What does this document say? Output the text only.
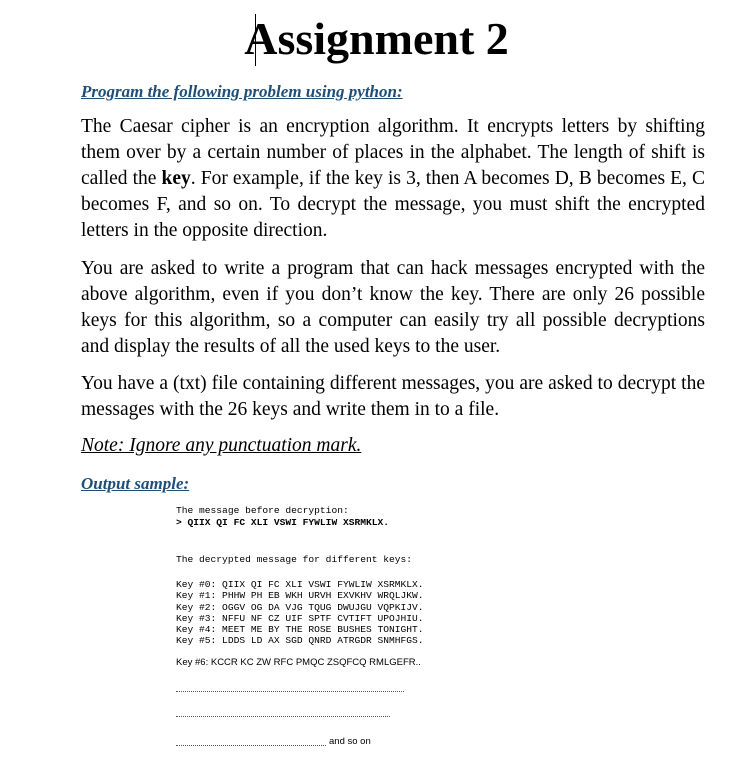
Assignment 2
Program the following problem using python:

The Caesar cipher is an encryption algorithm. It encrypts letters by shifting them over by a certain number of places in the alphabet. The length of shift is called the key. For example, if the key is 3, then A becomes D, B becomes E, C becomes F, and so on. To decrypt the message, you must shift the encrypted letters in the opposite direction.

You are asked to write a program that can hack messages encrypted with the above algorithm, even if you don’t know the key. There are only 26 possible keys for this algorithm, so a computer can easily try all possible decryptions and display the results of all the used keys to the user.

You have a (txt) file containing different messages, you are asked to decrypt the messages with the 26 keys and write them in to a file.

Note: Ignore any punctuation mark.
Output sample:
The message before decryption:
> QIIX QI FC XLI VSWI FYWLIW XSRMKLX.
The decrypted message for different keys:
Key #0: QIIX QI FC XLI VSWI FYWLIW XSRMKLX.
Key #1: PHHW PH EB WKH URVH EXVKHV WRQLJKW.
Key #2: OGGV OG DA VJG TQUG DWUJGU VQPKIJV.
Key #3: NFFU NF CZ UIF SPTF CVTIFT UPOJHIU.
Key #4: MEET ME BY THE ROSE BUSHES TONIGHT.
Key #5: LDDS LD AX SGD QNRD ATRGDR SNMHFGS.
Key #6: KCCR KC ZW RFC PMQC ZSQFCQ RMLGEFR..
and so on
